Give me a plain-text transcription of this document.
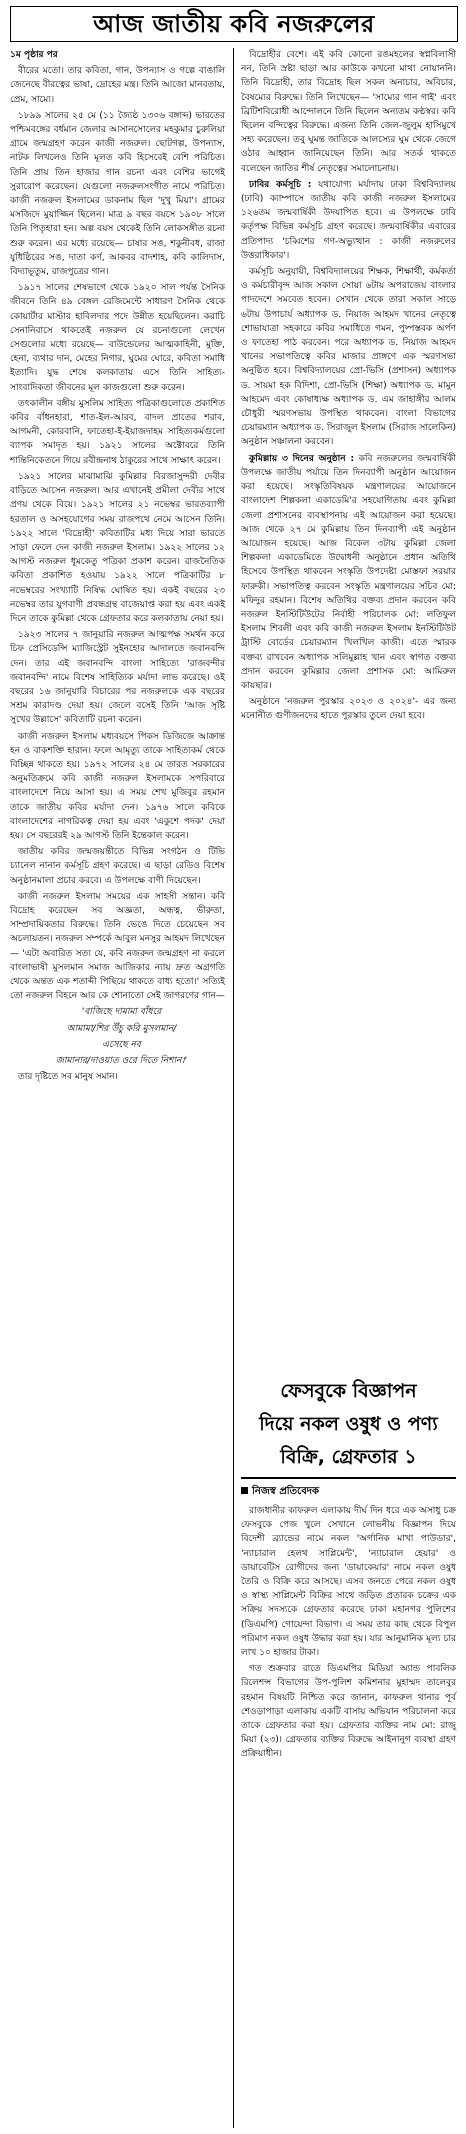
আজ জাতীয় কবি নজরুলের

১ম পৃষ্ঠার পর

বীরের মতো। তার কবিতা, গান, উপন্যাস ও গল্পে বাঙালি জেনেছে বীরত্বের ভাষা, দ্রোহের মন্ত্র। তিনি আজো মানবতায়, প্রেম, সাম্যে।

১৮৯৯ সালের ২৫ মে (১১ জ্যৈষ্ঠ ১৩০৬ বঙ্গাব্দ) ভারতের পশ্চিমবঙ্গের বর্ধমান জেলার আসানসোলের মহকুমার চুরুলিয়া গ্রামে জন্মগ্রহণ করেন কাজী নজরুল। ছোটগল্প, উপন্যাস, নাটক লিখলেও তিনি মূলত কবি হিসেবেই বেশি পরিচিত। তিনি প্রায় তিন হাজার গান রচনা এবং বেশির ভাগেই সুরারোপ করেছেন। যেগুলো নজরুলসংগীত নামে পরিচিত। কাজী নজরুল ইসলামের ডাকনাম ছিল 'দুখু মিয়া'। গ্রামের মসজিদে মুয়াজ্জিন ছিলেন। মাত্র ৯ বছর বয়সে ১৯০৮ সালে তিনি পিতৃহারা হন। অল্প বয়স থেকেই তিনি লোকসঙ্গীত রচনা শুরু করেন। এর মধ্যে রয়েছে— চাষার সঙ, শকুনীবধ, রাজা যুধিষ্ঠিরের সঙ, দাতা কর্ণ, আকবর বাদশাহ, কবি কালিদাস, বিদ্যাভূতুম, রাজপুত্রের গান।

১৯১৭ সালের শেষভাগে থেকে ১৯২০ সাল পর্যন্ত সৈনিক জীবনে তিনি ৪৯ বেঙ্গল রেজিমেন্টে সাধারণ সৈনিক থেকে কোয়ার্টার মাস্টার হাবিলদার পদে উন্নীত হয়েছিলেন। করাচি সেনানিবাসে থাকতেই নজরুল যে রচনাগুলো লেখেন সেগুলোর মধ্যে রয়েছে— বাউন্ডেলের আত্মকাহিনী, মুক্তি, হেনা, ব্যথার দান, মেহের নিগার, ঘুমের ঘোরে, কবিতা সমাধি ইত্যাদি। যুদ্ধ শেষে কলকাতায় এসে তিনি সাহিত্য-সাংবাদিকতা জীবনের মূল কাজগুলো শুরু করেন।

তৎকালীন বঙ্গীয় মুসলিম সাহিত্য পত্রিকাগুলোতে প্রকাশিত কবির বাঁধনহারা, শাত-ইল-আরব, বাদল প্রাতের শরাব, আগমনী, কোরবানি, ফাতেহা-ই-ইয়াজদাহম সাহিত্যকর্মগুলো ব্যাপক সমাদৃত হয়। ১৯২১ সালের অক্টোবরে তিনি শান্তিনিকেতনে গিয়ে রবীন্দ্রনাথ ঠাকুরের সাথে সাক্ষাৎ করেন।

১৯২১ সালের মাঝামাঝি কুমিল্লার বিরজাসুন্দরী দেবীর বাড়িতে আসেন নজরুল। আর এখানেই প্রমীলা দেবীর সাথে প্রণয় থেকে বিয়ে। ১৯২১ সালের ২১ নভেম্বর ভারতব্যাপী হরতাল ও অসহযোগের সময় রাজপথে নেমে আসেন তিনি। ১৯২২ সালে 'বিদ্রোহী' কবিতাটির মধ্য দিয়ে সারা ভারতে সাড়া ফেলে দেন কাজী নজরুল ইসলাম। ১৯২২ সালের ১২ আগস্ট নজরুল ধূমকেতু পত্রিকা প্রকাশ করেন। রাজনৈতিক কবিতা প্রকাশিত হওয়ায় ১৯২২ সালে পত্রিকাটির ৮ নভেম্বরের সংখ্যাটি নিষিদ্ধ ঘোষিত হয়। একই বছরের ২৩ নভেম্বর তার যুগবাণী প্রবন্ধগ্রন্থ বাজেয়াপ্ত করা হয় এবং একই দিনে তাকে কুমিল্লা থেকে গ্রেফতার করে কলকাতায় নেয়া হয়।

১৯২৩ সালের ৭ জানুয়ারি নজরুল আত্মপক্ষ সমর্থন করে চিফ প্রেসিডেন্সি ম্যাজিস্ট্রেট সুইনহোর আদালতে জবানবন্দি দেন। তার এই জবানবন্দি বাংলা সাহিত্যে 'রাজবন্দীর জবানবন্দি' নামে বিশেষ সাহিত্যিক মর্যাদা লাভ করেছে। ওই বছরের ১৬ জানুয়ারি বিচারের পর নজরুলকে এক বছরের সশ্রম কারাদণ্ড দেয়া হয়। জেলে বসেই তিনি 'আজ সৃষ্টি সুখের উল্লাসে' কবিতাটি রচনা করেন।

কাজী নজরুল ইসলাম মধ্যবয়সে পিকস ডিজিজে আক্রান্ত হন ও বাকশক্তি হারান। ফলে আমৃত্যু তাকে সাহিত্যকর্ম থেকে বিচ্ছিন্ন থাকতে হয়। ১৯৭২ সালের ২৪ মে তারত সরকারের অনুমতিক্রমে কবি কাজী নজরুল ইসলামকে সপরিবারে বাংলাদেশে নিয়ে আসা হয়। এ সময় শেখ মুজিবুর রহমান তাকে জাতীয় কবির মর্যাদা দেন। ১৯৭৬ সালে কবিকে বাংলাদেশের নাগরিকত্ব দেয়া হয় এবং 'একুশে পদক' দেয়া হয়। সে বছরেরই ২৯ আগস্ট তিনি ইন্তেকাল করেন।

জাতীয় কবির জন্মজয়ন্তীতে বিভিন্ন সংগঠন ও টিভি চ্যানেল নানান কর্মসূচি গ্রহণ করেছে। এ ছাড়া রেডিও বিশেষ অনুষ্ঠানমালা প্রচার করবে। এ উপলক্ষে বাণী দিয়েছেন।

কাজী নজরুল ইসলাম সময়ের এক সাহসী সন্তান। কবি বিদ্রোহ করেছেন সব অজ্ঞতা, অন্ধত্ব, ভীরুতা, সাম্প্রদায়িকতার বিরুদ্ধে। তিনি ভেঙে দিতে চেয়েছেন সব অচলায়তন। নজরুল সম্পর্কে আবুল মনসুর আহমদ লিখেছেন— 'এটা অবারিত সত্য যে, কবি নজরুল জন্মগ্রহণ না করলে বাংলাভাষী মুসলমান সমাজ আজিকার ন্যায় দ্রুত অগ্রগতি থেকে অন্তত এক শতাব্দী পিছিয়ে থাকতে বাধ্য হতো।' সত্যিই তো নজরুল বিহনে আর কে শোনাতো সেই জাগরণের গান—

'বাজিছে দামামা বাঁধরে

আমামা/শির উঁচু করি মুসলমান/

এসেছে নব

জামানার/দাওয়াত ওরে দিতে নিশান।'

তার দৃষ্টিতে সব মানুষ সমান।

বিদ্রোহীর বেশে। এই কবি কোনো রঙমহলের স্বপ্নবিলাসী নন, তিনি স্রষ্টা ছাড়া আর কাউকে কখনো মাথা নোয়াননি। তিনি বিদ্রোহী, তার বিদ্রোহ ছিল সকল অনাচার, অবিচার, বৈষম্যের বিরুদ্ধে। তিনি লিখেছেন— 'সাম্যের গান গাই' এবং ব্রিটিশবিরোধী আন্দোলনে তিনি ছিলেন অন্যতম কণ্ঠস্বর। কবি ছিলেন বন্দিত্বের বিরুদ্ধে। এজন্য তিনি জেল-জুলুম হাসিমুখে সহ্য করেছেন। তবু ঘুমন্ত জাতিকে আলস্যের ঘুম থেকে জেগে ওঠার আহ্বান জানিয়েছেন তিনি। আর সতর্ক থাকতে বলেছেন জাতির শীর্ষ নেতৃত্বের সমালোচনায়।

ঢাবির কর্মসূচি : যথাযোগ্য মর্যাদায় ঢাকা বিশ্ববিদ্যালয় (ঢাবি) ক্যাম্পাসে জাতীয় কবি কাজী নজরুল ইসলামের ১২৬তম জন্মবার্ষিকী উদযাপিত হবে। এ উপলক্ষে ঢাবি কর্তৃপক্ষ বিভিন্ন কর্মসূচি গ্রহণ করেছে। জন্মবার্ষিকীর এবারের প্রতিপাদ্য 'চব্বিশের গণ-অভ্যুত্থান : কাজী নজরুলের উত্তরাধিকার'।

কর্মসূচি অনুযায়ী, বিশ্ববিদ্যালয়ের শিক্ষক, শিক্ষার্থী, কর্মকর্তা ও কর্মচারীবৃন্দ আজ সকাল সোয়া ৬টায় অপরাজেয় বাংলার পাদদেশে সমবেত হবেন। সেখান থেকে তারা সকাল সাড়ে ৬টায় উপাচার্য অধ্যাপক ড. নিয়াজ আহমদ খানের নেতৃত্বে শোভাযাত্রা সহকারে কবির সমাধিতে গমন, পুষ্পস্তবক অর্পণ ও ফাতেহা পাঠ করবেন। পরে অধ্যাপক ড. নিয়াজ আহমদ খানের সভাপতিত্বে কবির মাজার প্রাঙ্গণে এক স্মরণসভা অনুষ্ঠিত হবে। বিশ্ববিদ্যালয়ের প্রো-ভিসি (প্রশাসন) অধ্যাপক ড. সায়মা হক বিদিশা, প্রো-ভিসি (শিক্ষা) অধ্যাপক ড. মামুন আহমেদ এবং কোষাধ্যক্ষ অধ্যাপক ড. এম জাহাঙ্গীর আলম চৌধুরী স্মরণসভায় উপস্থিত থাকবেন। বাংলা বিভাগের চেয়ারম্যান অধ্যাপক ড. সিরাজুল ইসলাম (সিরাজ সালেকিন) অনুষ্ঠান সঞ্চালনা করবেন।

কুমিল্লায় ৩ দিনের অনুষ্ঠান : কবি নজরুলের জন্মবার্ষিকী উপলক্ষে জাতীয় পর্যায়ে তিন দিনব্যাপী অনুষ্ঠান আয়োজন করা হয়েছে। সংস্কৃতিবিষয়ক মন্ত্রণালয়ের আয়োজনে বাংলাদেশ শিল্পকলা একাডেমি'র সহযোগিতায় এবং কুমিল্লা জেলা প্রশাসনের ব্যবস্থাপনায় এই আয়োজন করা হয়েছে। আজ থেকে ২৭ মে কুমিল্লায় তিন দিনব্যাপী এই অনুষ্ঠান আয়োজন হয়েছে। আজ বিকেল ৩টায় কুমিল্লা জেলা শিল্পকলা একাডেমিতে উদ্বোধনী অনুষ্ঠানে প্রধান অতিথি হিসেবে উপস্থিত থাকবেন সংস্কৃতি উপদেষ্টা মোস্তফা সরয়ার ফারুকী। সভাপতিত্ব করবেন সংস্কৃতি মন্ত্রণালয়ের সচিব মো: মফিদুর রহমান। বিশেষ অতিথির বক্তব্য প্রদান করবেন কবি নজরুল ইনস্টিটিউটের নির্বাহী পরিচালক মো: লতিফুল ইসলাম শিবলী এবং কবি কাজী নজরুল ইসলাম ইনস্টিটিউট ট্রাস্টি বোর্ডের চেয়ারম্যান খিলখিল কাজী। এতে স্মারক বক্তব্য রাখবেন অধ্যাপক সলিমুল্লাহ খান এবং স্বাগত বক্তব্য প্রদান করবেন কুমিল্লার জেলা প্রশাসক মো: আমিরুল কায়ছার।

অনুষ্ঠানে 'নজরুল পুরস্কার ২০২৩ ও ২০২৪'- এর জন্য মনোনীত গুণীজনদের হাতে পুরস্কার তুলে দেয়া হবে।

ফেসবুকে বিজ্ঞাপন
দিয়ে নকল ওষুধ ও পণ্য
বিক্রি, গ্রেফতার ১
নিজস্ব প্রতিবেদক

রাজধানীর কাফরুল এলাকায় দীর্ঘ দিন ধরে এক অসাধু চক্র ফেসবুকে পেজ খুলে সেখানে লোভনীয় বিজ্ঞাপন দিয়ে বিদেশী ব্র্যান্ডের নামে নকল 'অর্গানিক মাখা পাউডার', 'ন্যাচারাল হেলথ সাপ্লিমেন্ট', 'ন্যাচারাল হেয়ার' ও ডায়াবেটিস রোগীদের জন্য 'ডায়াকেয়ার' নামে নকল ওষুধ তৈরি ও বিক্রি করে আসছে। এসব জনতে পেরে নকল ওষুধ ও স্বাস্থ্য সাপ্লিমেন্ট বিক্রির সাথে জড়িত প্রতারক চক্রের এক সক্রিয় সদস্যকে গ্রেফতার করেছে ঢাকা মহানগর পুলিশের (ডিএমপি) গোয়েন্দা বিভাগ। এ সময় তার কাছ থেকে বিপুল পরিমাণ নকল ওষুধ উদ্ধার করা হয়। যার আনুমানিক মূল্য চার লাখ ১০ হাজার টাকা।

গত শুক্রবার রাতে ডিএমপির মিডিয়া অ্যান্ড পাবলিক রিলেশন্স বিভাগের উপ-পুলিশ কমিশনার মুহাম্মদ তালেবুর রহমান বিষয়টি নিশ্চিত করে জানান, কাফরুল থানার পূর্ব শেওড়াপাড়া এলাকায় একটি বাসায় অভিযান পরিচালনা করে তাকে গ্রেফতার করা হয়। গ্রেফতার ব্যক্তির নাম মো: রাজু মিয়া (২৩)। গ্রেফতার ব্যক্তির বিরুদ্ধে আইনানুগ ব্যবস্থা গ্রহণ প্রক্রিয়াধীন।
